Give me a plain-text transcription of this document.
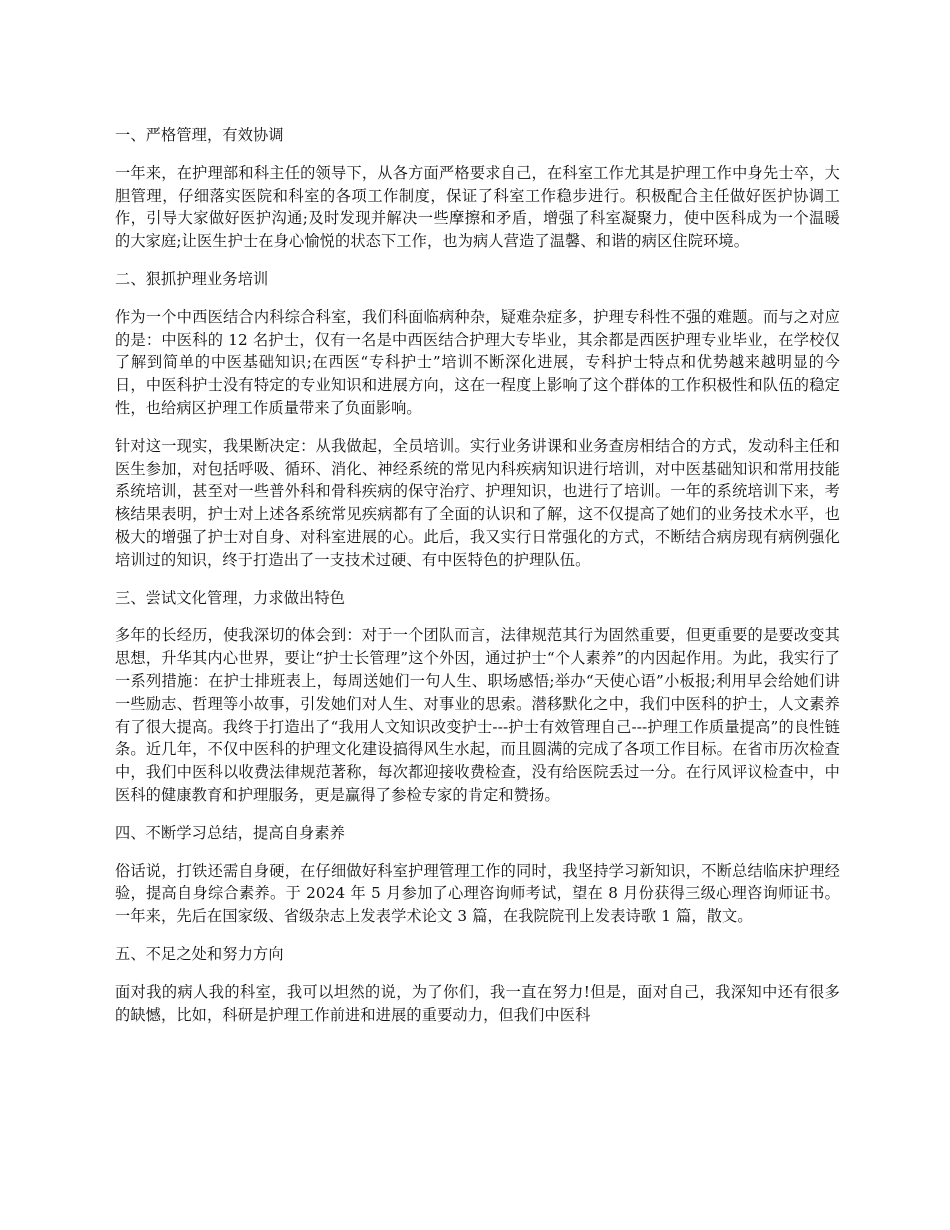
一、严格管理，有效协调

一年来，在护理部和科主任的领导下，从各方面严格要求自己，在科室工作尤其是护理工作中身先士卒，大胆管理，仔细落实医院和科室的各项工作制度，保证了科室工作稳步进行。积极配合主任做好医护协调工作，引导大家做好医护沟通;及时发现并解决一些摩擦和矛盾，增强了科室凝聚力，使中医科成为一个温暖的大家庭;让医生护士在身心愉悦的状态下工作，也为病人营造了温馨、和谐的病区住院环境。

二、狠抓护理业务培训

作为一个中西医结合内科综合科室，我们科面临病种杂，疑难杂症多，护理专科性不强的难题。而与之对应的是：中医科的 12 名护士，仅有一名是中西医结合护理大专毕业，其余都是西医护理专业毕业，在学校仅了解到简单的中医基础知识;在西医“专科护士”培训不断深化进展，专科护士特点和优势越来越明显的今日，中医科护士没有特定的专业知识和进展方向，这在一程度上影响了这个群体的工作积极性和队伍的稳定性，也给病区护理工作质量带来了负面影响。

针对这一现实，我果断决定：从我做起，全员培训。实行业务讲课和业务查房相结合的方式，发动科主任和医生参加，对包括呼吸、循环、消化、神经系统的常见内科疾病知识进行培训，对中医基础知识和常用技能系统培训，甚至对一些普外科和骨科疾病的保守治疗、护理知识，也进行了培训。一年的系统培训下来，考核结果表明，护士对上述各系统常见疾病都有了全面的认识和了解，这不仅提高了她们的业务技术水平，也极大的增强了护士对自身、对科室进展的心。此后，我又实行日常强化的方式，不断结合病房现有病例强化培训过的知识，终于打造出了一支技术过硬、有中医特色的护理队伍。

三、尝试文化管理，力求做出特色

多年的长经历，使我深切的体会到：对于一个团队而言，法律规范其行为固然重要，但更重要的是要改变其思想，升华其内心世界，要让“护士长管理”这个外因，通过护士“个人素养”的内因起作用。为此，我实行了一系列措施：在护士排班表上，每周送她们一句人生、职场感悟;举办“天使心语”小板报;利用早会给她们讲一些励志、哲理等小故事，引发她们对人生、对事业的思索。潜移默化之中，我们中医科的护士，人文素养有了很大提高。我终于打造出了“我用人文知识改变护士---护士有效管理自己---护理工作质量提高”的良性链条。近几年，不仅中医科的护理文化建设搞得风生水起，而且圆满的完成了各项工作目标。在省市历次检查中，我们中医科以收费法律规范著称，每次都迎接收费检查，没有给医院丢过一分。在行风评议检查中，中医科的健康教育和护理服务，更是赢得了参检专家的肯定和赞扬。

四、不断学习总结，提高自身素养

俗话说，打铁还需自身硬，在仔细做好科室护理管理工作的同时，我坚持学习新知识，不断总结临床护理经验，提高自身综合素养。于 2024 年 5 月参加了心理咨询师考试，望在 8 月份获得三级心理咨询师证书。一年来，先后在国家级、省级杂志上发表学术论文 3 篇，在我院院刊上发表诗歌 1 篇，散文。

五、不足之处和努力方向

面对我的病人我的科室，我可以坦然的说，为了你们，我一直在努力!但是，面对自己，我深知中还有很多的缺憾，比如，科研是护理工作前进和进展的重要动力，但我们中医科
